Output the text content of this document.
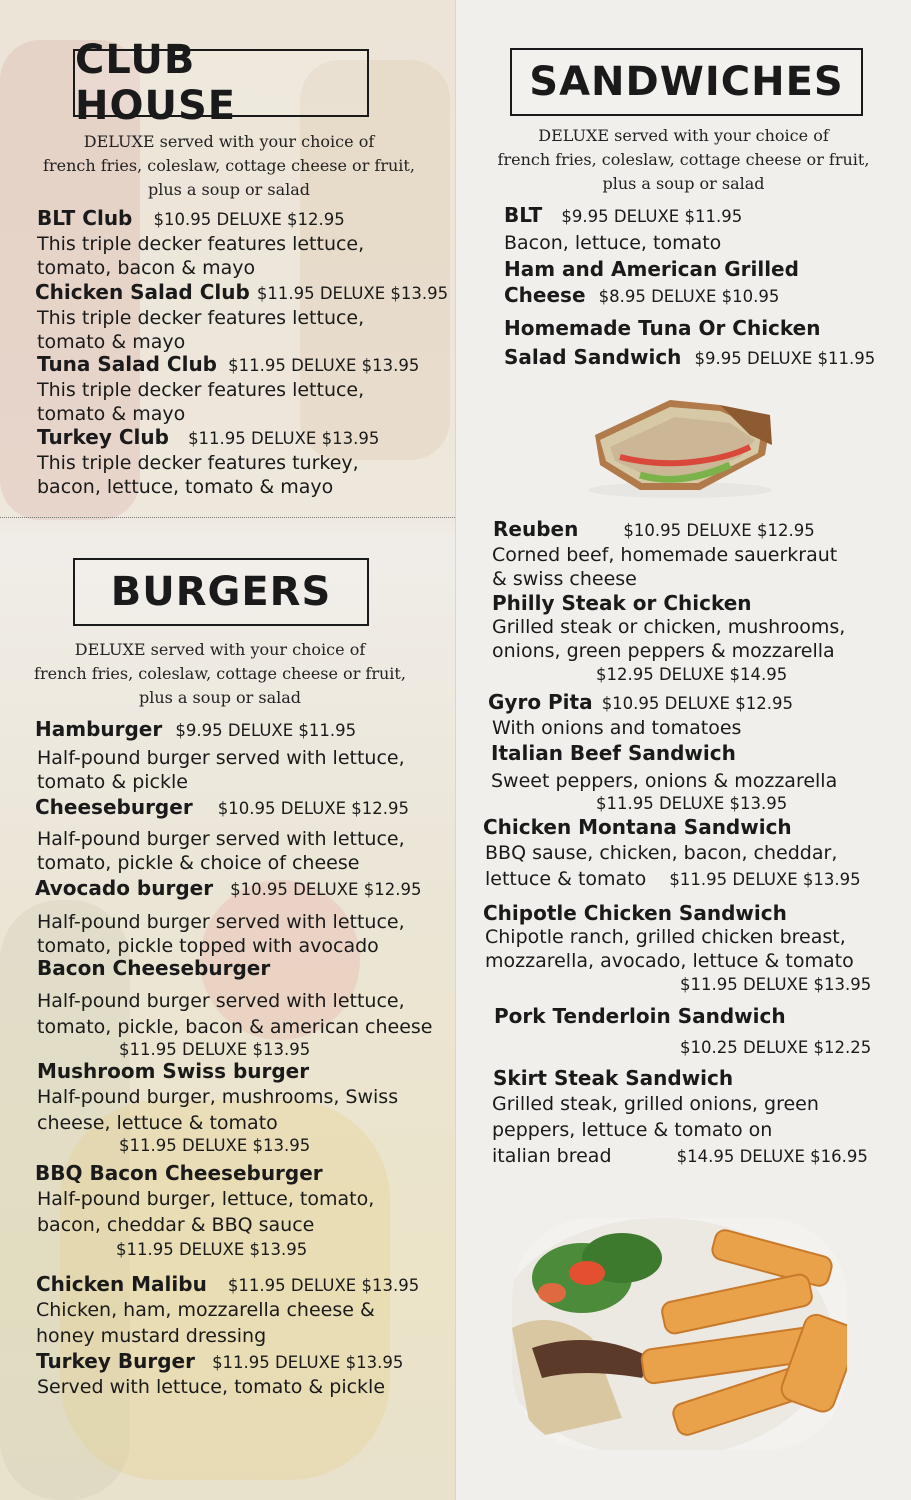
CLUB HOUSE
DELUXE served with your choice of
french fries, coleslaw, cottage cheese or fruit,
plus a soup or salad
BLT Club $10.95 DELUXE $12.95
This triple decker features lettuce,
tomato, bacon & mayo
Chicken Salad Club $11.95 DELUXE $13.95
This triple decker features lettuce,
tomato & mayo
Tuna Salad Club $11.95 DELUXE $13.95
This triple decker features lettuce,
tomato & mayo
Turkey Club $11.95 DELUXE $13.95
This triple decker features turkey,
bacon, lettuce, tomato & mayo
BURGERS
DELUXE served with your choice of
french fries, coleslaw, cottage cheese or fruit,
plus a soup or salad
Hamburger $9.95 DELUXE $11.95
Half-pound burger served with lettuce,
tomato & pickle
Cheeseburger $10.95 DELUXE $12.95
Half-pound burger served with lettuce,
tomato, pickle & choice of cheese
Avocado burger $10.95 DELUXE $12.95
Half-pound burger served with lettuce,
tomato, pickle topped with avocado
Bacon Cheeseburger
Half-pound burger served with lettuce,
tomato, pickle, bacon & american cheese
$11.95 DELUXE $13.95
Mushroom Swiss burger
Half-pound burger, mushrooms, Swiss
cheese, lettuce & tomato
$11.95 DELUXE $13.95
BBQ Bacon Cheeseburger
Half-pound burger, lettuce, tomato,
bacon, cheddar & BBQ sauce
$11.95 DELUXE $13.95
Chicken Malibu $11.95 DELUXE $13.95
Chicken, ham, mozzarella cheese &
honey mustard dressing
Turkey Burger $11.95 DELUXE $13.95
Served with lettuce, tomato & pickle
SANDWICHES
DELUXE served with your choice of
french fries, coleslaw, cottage cheese or fruit,
plus a soup or salad
BLT $9.95 DELUXE $11.95
Bacon, lettuce, tomato
Ham and American Grilled
Cheese $8.95 DELUXE $10.95
Homemade Tuna Or Chicken
Salad Sandwich $9.95 DELUXE $11.95
Reuben	$10.95 DELUXE $12.95
Corned beef, homemade sauerkraut
& swiss cheese
Philly Steak or Chicken
Grilled steak or chicken, mushrooms,
onions, green peppers & mozzarella
$12.95 DELUXE $14.95
Gyro Pita $10.95 DELUXE $12.95
With onions and tomatoes
Italian Beef Sandwich
Sweet peppers, onions & mozzarella
$11.95 DELUXE $13.95
Chicken Montana Sandwich
BBQ sause, chicken, bacon, cheddar,
lettuce & tomato $11.95 DELUXE $13.95
Chipotle Chicken Sandwich
Chipotle ranch, grilled chicken breast,
mozzarella, avocado, lettuce & tomato
$11.95 DELUXE $13.95
Pork Tenderloin Sandwich
$10.25 DELUXE $12.25
Skirt Steak Sandwich
Grilled steak, grilled onions, green
peppers, lettuce & tomato on
italian bread	$14.95 DELUXE $16.95
